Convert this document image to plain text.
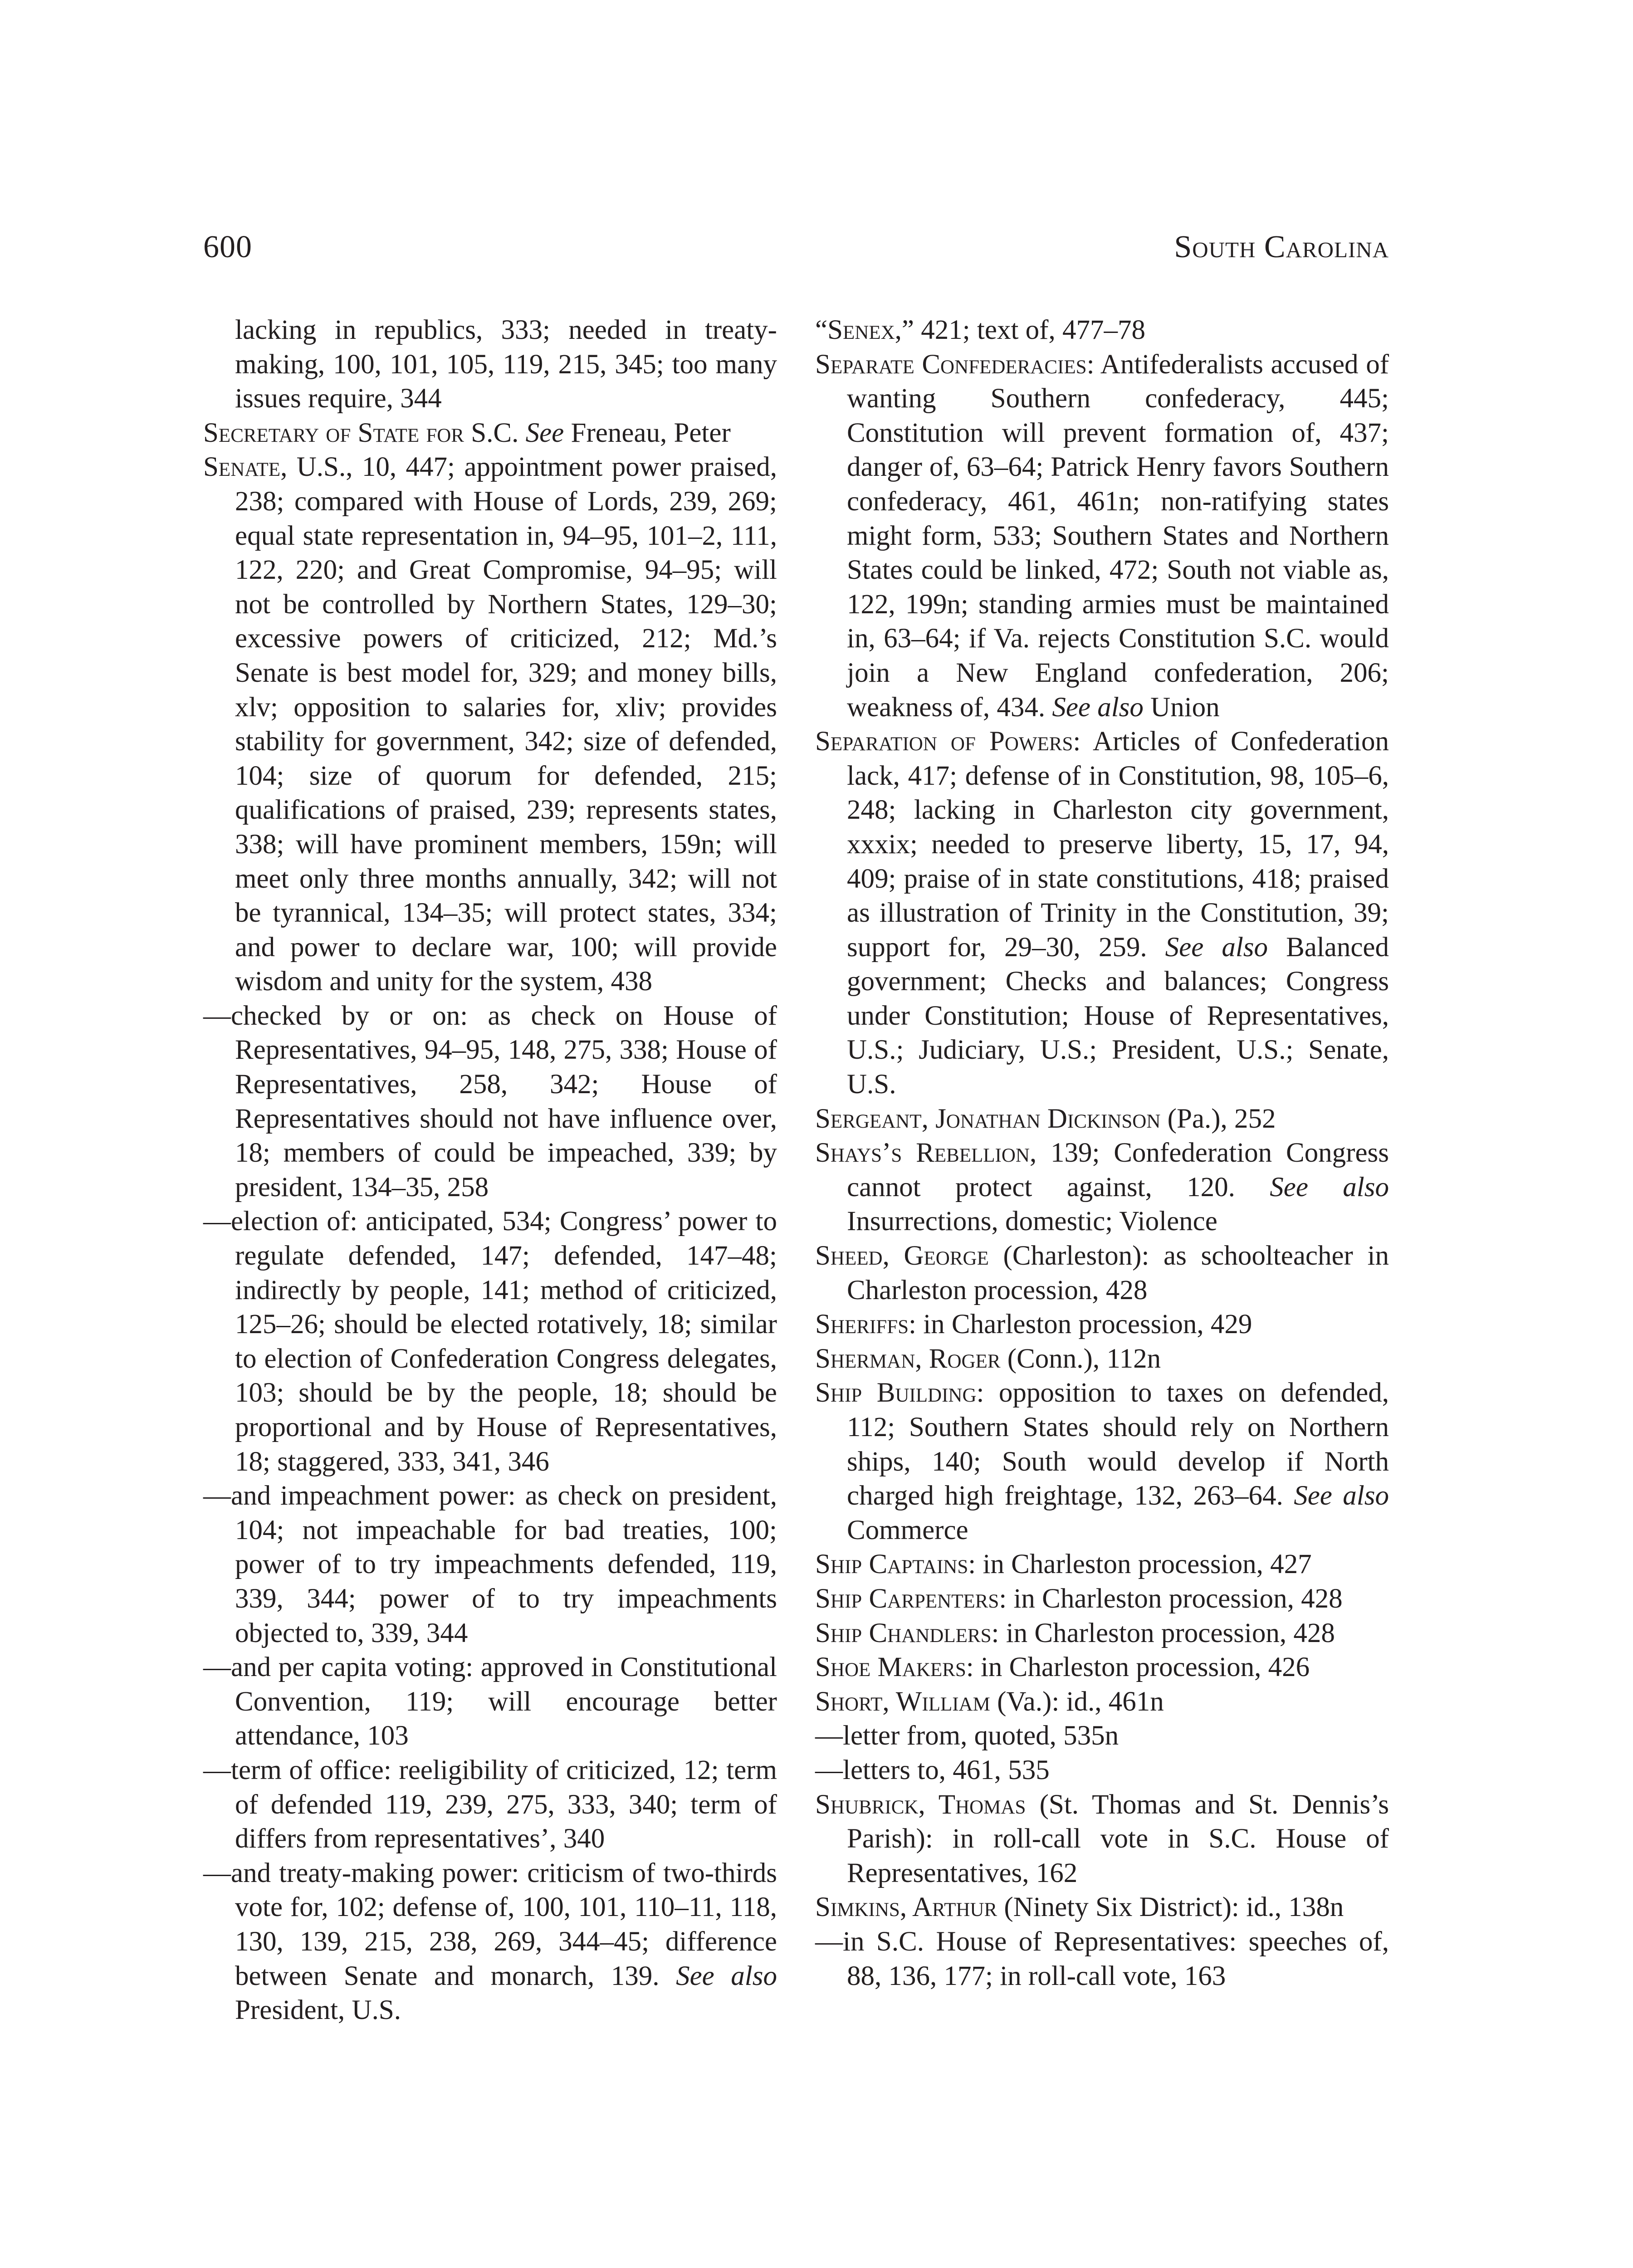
600	South Carolina

lacking in republics, 333; needed in treaty-making, 100, 101, 105, 119, 215, 345; too many issues require, 344

Secretary of State for S.C. See Freneau, Peter

Senate, U.S., 10, 447; appointment power praised, 238; compared with House of Lords, 239, 269; equal state representation in, 94–95, 101–2, 111, 122, 220; and Great Compromise, 94–95; will not be controlled by Northern States, 129–30; excessive powers of criticized, 212; Md.’s Senate is best model for, 329; and money bills, xlv; opposition to salaries for, xliv; provides stability for government, 342; size of defended, 104; size of quorum for defended, 215; qualifications of praised, 239; represents states, 338; will have prominent members, 159n; will meet only three months annually, 342; will not be tyrannical, 134–35; will protect states, 334; and power to declare war, 100; will provide wisdom and unity for the system, 438

—checked by or on: as check on House of Representatives, 94–95, 148, 275, 338; House of Representatives, 258, 342; House of Representatives should not have influence over, 18; members of could be impeached, 339; by president, 134–35, 258

—election of: anticipated, 534; Congress’ power to regulate defended, 147; defended, 147–48; indirectly by people, 141; method of criticized, 125–26; should be elected rotatively, 18; similar to election of Confederation Congress delegates, 103; should be by the people, 18; should be proportional and by House of Representatives, 18; staggered, 333, 341, 346

—and impeachment power: as check on president, 104; not impeachable for bad treaties, 100; power of to try impeachments defended, 119, 339, 344; power of to try impeachments objected to, 339, 344

—and per capita voting: approved in Constitutional Convention, 119; will encourage better attendance, 103

—term of office: reeligibility of criticized, 12; term of defended 119, 239, 275, 333, 340; term of differs from representatives’, 340

—and treaty-making power: criticism of two-thirds vote for, 102; defense of, 100, 101, 110–11, 118, 130, 139, 215, 238, 269, 344–45; difference between Senate and monarch, 139. See also President, U.S.

“Senex,” 421; text of, 477–78

Separate Confederacies: Antifederalists accused of wanting Southern confederacy, 445; Constitution will prevent formation of, 437; danger of, 63–64; Patrick Henry favors Southern confederacy, 461, 461n; non-ratifying states might form, 533; Southern States and Northern States could be linked, 472; South not viable as, 122, 199n; standing armies must be maintained in, 63–64; if Va. rejects Constitution S.C. would join a New England confederation, 206; weakness of, 434. See also Union

Separation of Powers: Articles of Confederation lack, 417; defense of in Constitution, 98, 105–6, 248; lacking in Charleston city government, xxxix; needed to preserve liberty, 15, 17, 94, 409; praise of in state constitutions, 418; praised as illustration of Trinity in the Constitution, 39; support for, 29–30, 259. See also Balanced government; Checks and balances; Congress under Constitution; House of Representatives, U.S.; Judiciary, U.S.; President, U.S.; Senate, U.S.

Sergeant, Jonathan Dickinson (Pa.), 252

Shays’s Rebellion, 139; Confederation Congress cannot protect against, 120. See also Insurrections, domestic; Violence

Sheed, George (Charleston): as schoolteacher in Charleston procession, 428

Sheriffs: in Charleston procession, 429

Sherman, Roger (Conn.), 112n

Ship Building: opposition to taxes on defended, 112; Southern States should rely on Northern ships, 140; South would develop if North charged high freightage, 132, 263–64. See also Commerce

Ship Captains: in Charleston procession, 427

Ship Carpenters: in Charleston procession, 428

Ship Chandlers: in Charleston procession, 428

Shoe Makers: in Charleston procession, 426

Short, William (Va.): id., 461n

—letter from, quoted, 535n

—letters to, 461, 535

Shubrick, Thomas (St. Thomas and St. Dennis’s Parish): in roll-call vote in S.C. House of Representatives, 162

Simkins, Arthur (Ninety Six District): id., 138n

—in S.C. House of Representatives: speeches of, 88, 136, 177; in roll-call vote, 163
